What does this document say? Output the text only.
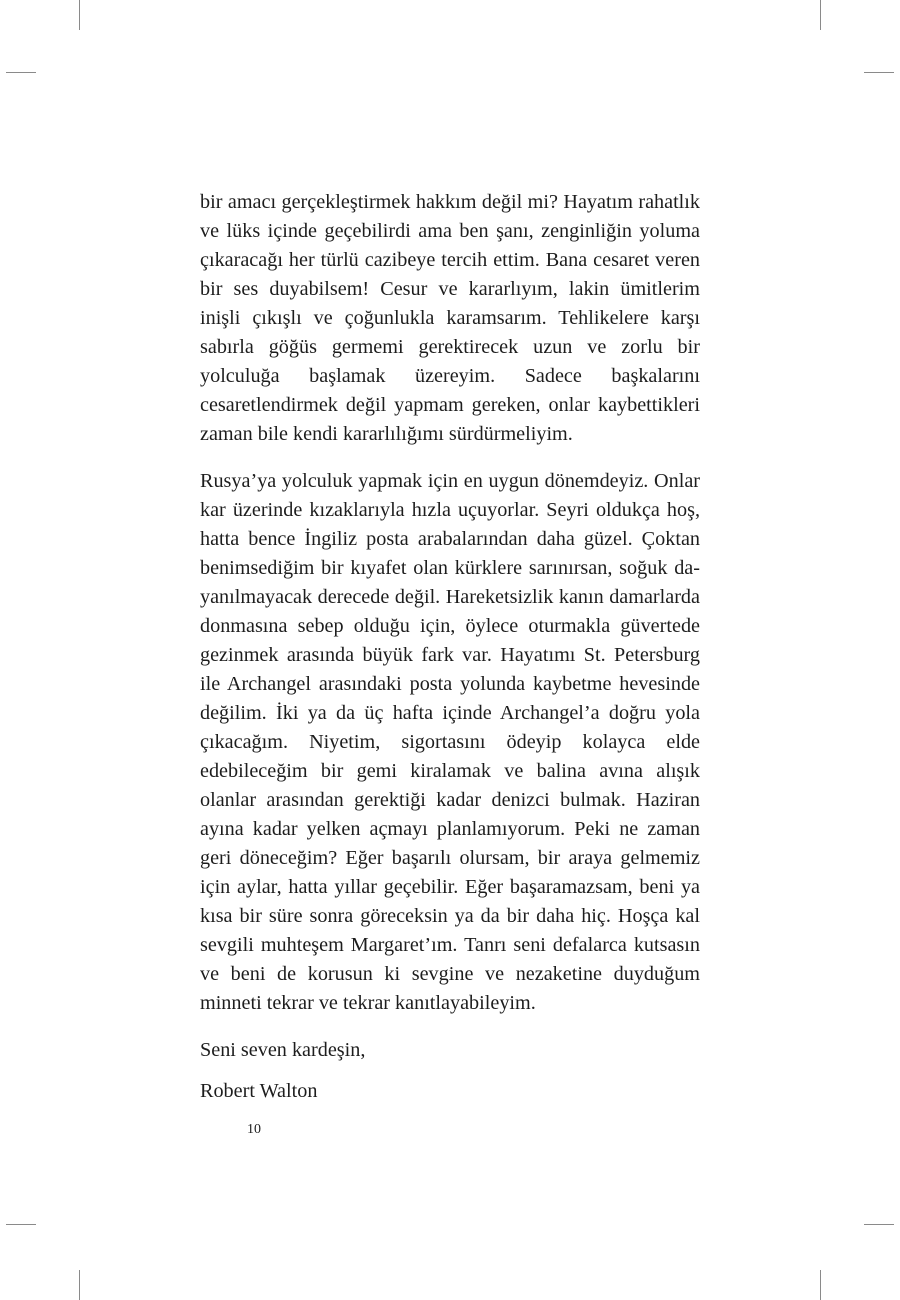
bir amacı gerçekleştirmek hakkım değil mi? Hayatım rahatlık ve lüks içinde geçebilirdi ama ben şanı, zenginliğin yoluma çıkaracağı her türlü cazibeye tercih ettim. Bana cesaret veren bir ses duyabilsem! Cesur ve kararlıyım, lakin ümitlerim inişli çıkışlı ve çoğunlukla karamsarım. Tehlikelere karşı sabırla göğüs germemi gerektirecek uzun ve zorlu bir yolculuğa başlamak üzereyim. Sadece başkalarını cesaretlendirmek değil yapmam gereken, onlar kaybettikleri zaman bile kendi kararlılığımı sürdürmeliyim.

Rusya’ya yolculuk yapmak için en uygun dönemdeyiz. Onlar kar üzerinde kızaklarıyla hızla uçuyorlar. Seyri oldukça hoş, hatta bence İngiliz posta arabalarından daha güzel. Çoktan benimsediğim bir kıyafet olan kürklere sarınırsan, soğuk dayanılmayacak derecede değil. Hareketsizlik kanın damarlarda donmasına sebep olduğu için, öylece oturmakla güvertede gezinmek arasında büyük fark var. Hayatımı St. Petersburg ile Archangel arasındaki posta yolunda kaybetme hevesinde değilim. İki ya da üç hafta içinde Archangel’a doğru yola çıkacağım. Niyetim, sigortasını ödeyip kolayca elde edebileceğim bir gemi kiralamak ve balina avına alışık olanlar arasından gerektiği kadar denizci bulmak. Haziran ayına kadar yelken açmayı planlamıyorum. Peki ne zaman geri döneceğim? Eğer başarılı olursam, bir araya gelmemiz için aylar, hatta yıllar geçebilir. Eğer başaramazsam, beni ya kısa bir süre sonra göreceksin ya da bir daha hiç. Hoşça kal sevgili muhteşem Margaret’ım. Tanrı seni defalarca kutsasın ve beni de korusun ki sevgine ve nezaketine duyduğum minneti tekrar ve tekrar kanıtlayabileyim.

Seni seven kardeşin,

Robert Walton

10
